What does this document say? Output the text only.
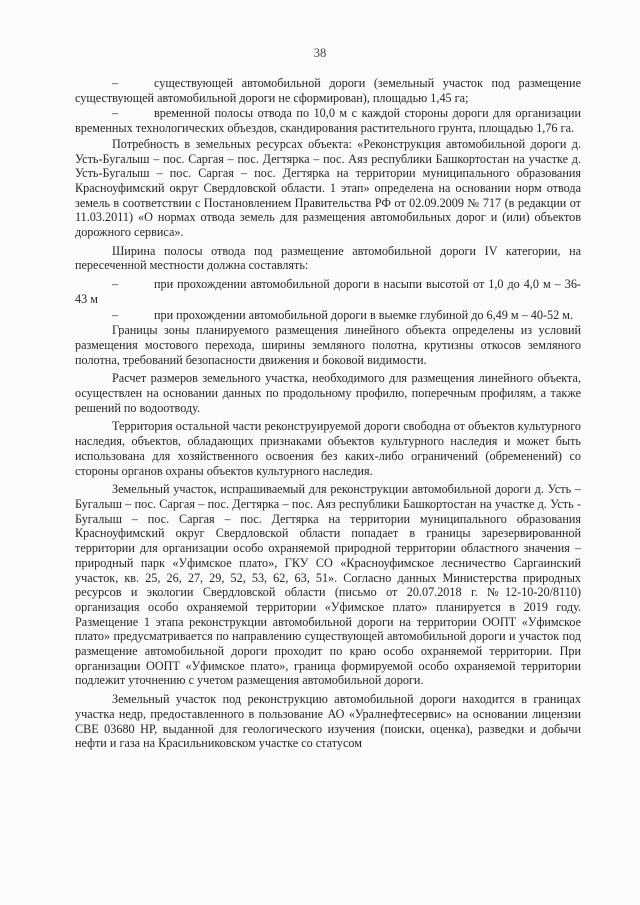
38

–	существующей автомобильной дороги (земельный участок под размещение существующей автомобильной дороги не сформирован), площадью 1,45 га;

–	временной полосы отвода по 10,0 м с каждой стороны дороги для организации временных технологических объездов, скандирования растительного грунта, площадью 1,76 га.

Потребность в земельных ресурсах объекта: «Реконструкция автомобильной дороги д. Усть-Бугалыш – пос. Саргая – пос. Дегтярка – пос. Аяз республики Башкортостан на участке д. Усть-Бугалыш – пос. Саргая – пос. Дегтярка на территории муниципального образования Красноуфимский округ Свердловской области. 1 этап» определена на основании норм отвода земель в соответствии с Постановлением Правительства РФ от 02.09.2009 № 717 (в редакции от 11.03.2011) «О нормах отвода земель для размещения автомобильных дорог и (или) объектов дорожного сервиса».

Ширина полосы отвода под размещение автомобильной дороги IV категории, на пересеченной местности должна составлять:

–	при прохождении автомобильной дороги в насыпи высотой от 1,0 до 4,0 м – 36-43 м

–	при прохождении автомобильной дороги в выемке глубиной до 6,49 м – 40-52 м.

Границы зоны планируемого размещения линейного объекта определены из условий размещения мостового перехода, ширины земляного полотна, крутизны откосов земляного полотна, требований безопасности движения и боковой видимости.

Расчет размеров земельного участка, необходимого для размещения линейного объекта, осуществлен на основании данных по продольному профилю, поперечным профилям, а также решений по водоотводу.

Территория остальной части реконструируемой дороги свободна от объектов культурного наследия, объектов, обладающих признаками объектов культурного наследия и может быть использована для хозяйственного освоения без каких-либо ограничений (обременений) со стороны органов охраны объектов культурного наследия.

Земельный участок, испрашиваемый для реконструкции автомобильной дороги д. Усть – Бугалыш – пос. Саргая – пос. Дегтярка – пос. Аяз республики Башкортостан на участке д. Усть - Бугалыш – пос. Саргая – пос. Дегтярка на территории муниципального образования Красноуфимский округ Свердловской области попадает в границы зарезервированной территории для организации особо охраняемой природной территории областного значения – природный парк «Уфимское плато», ГКУ СО «Красноуфимское лесничество Саргаинский участок, кв. 25, 26, 27, 29, 52, 53, 62, 63, 51». Согласно данных Министерства природных ресурсов и экологии Свердловской области (письмо от 20.07.2018 г. №12-10-20/8110) организация особо охраняемой территории «Уфимское плато» планируется в 2019 году. Размещение 1 этапа реконструкции автомобильной дороги на территории ООПТ «Уфимское плато» предусматривается по направлению существующей автомобильной дороги и участок под размещение автомобильной дороги проходит по краю особо охраняемой территории. При организации ООПТ «Уфимское плато», граница формируемой особо охраняемой территории подлежит уточнению с учетом размещения автомобильной дороги.

Земельный участок под реконструкцию автомобильной дороги находится в границах участка недр, предоставленного в пользование АО «Уралнефтесервис» на основании лицензии СВЕ 03680 НР, выданной для геологического изучения (поиски, оценка), разведки и добычи нефти и газа на Красильниковском участке со статусом
